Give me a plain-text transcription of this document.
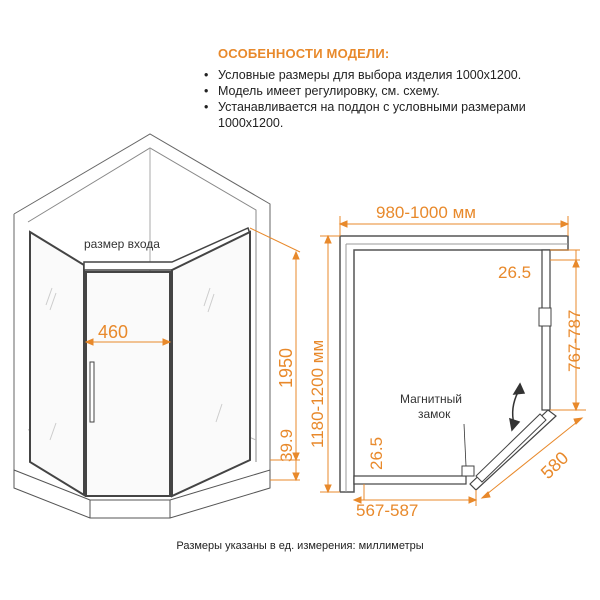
ОСОБЕННОСТИ МОДЕЛИ:
• Условные размеры для выбора изделия 1000x1200.
• Модель имеет регулировку, см. схему.
• Устанавливается на поддон с условными размерами 1000x1200.
размер входа
460
1950
39.9
980-1000 мм
1180-1200 мм
26.5
767-787
26.5
567-587
580
Магнитный
замок
Размеры указаны в ед. измерения: миллиметры
